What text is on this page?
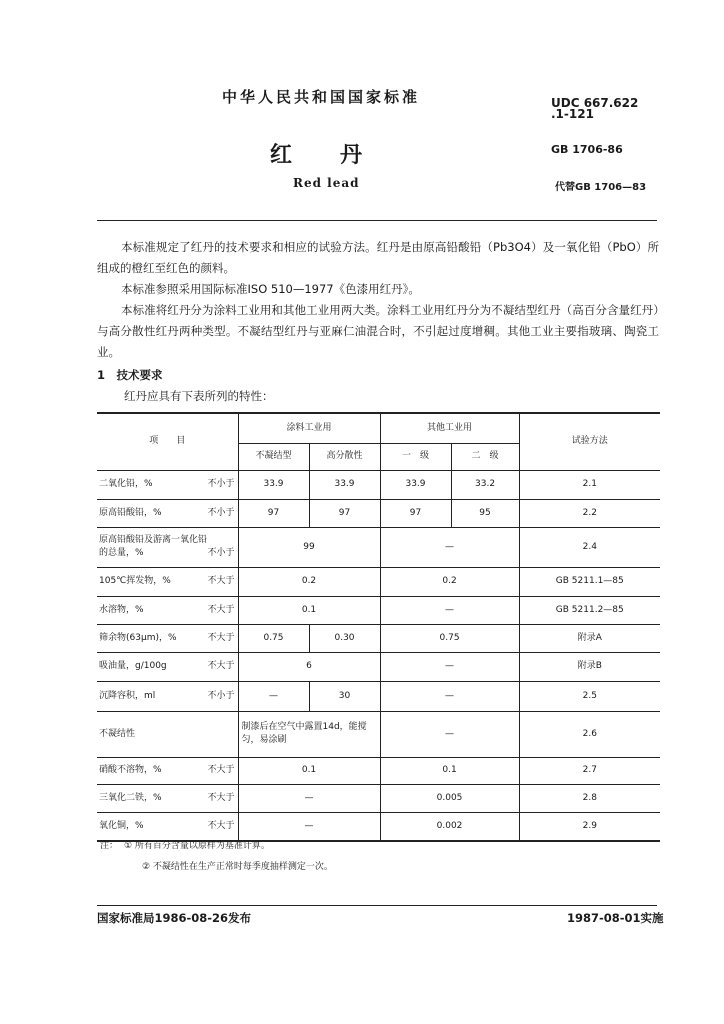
中华人民共和国国家标准
红丹
Red lead
UDC 667.622
.1-121
GB 1706-86
代替GB 1706—83
本标准规定了红丹的技术要求和相应的试验方法。红丹是由原高铅酸铅（Pb3O4）及一氧化铅（PbO）所组成的橙红至红色的颜料。
本标准参照采用国际标准ISO 510—1977《色漆用红丹》。
本标准将红丹分为涂料工业用和其他工业用两大类。涂料工业用红丹分为不凝结型红丹（高百分含量红丹）与高分散性红丹两种类型。不凝结型红丹与亚麻仁油混合时，不引起过度增稠。其他工业主要指玻璃、陶瓷工业。
1　技术要求
红丹应具有下表所列的特性：
项　　目	涂料工业用		其他工业用		试验方法
	不凝结型	高分散性	一　级	二　级	
二氧化铅，% 不小于	33.9	33.9	33.9	33.2	2.1
原高铅酸铅，% 不小于	97	97	97	95	2.2

原高铅酸铅及游离一氧化铅
的总量，% 不小于	99		—		2.4
105℃挥发物，% 不大于	0.2		0.2		GB 5211.1—85
水溶物，% 不大于	0.1		—		GB 5211.2—85
筛余物(63μm)，% 不大于	0.75	0.30	0.75		附录A
吸油量，g/100g 不大于	6		—		附录B
沉降容积，ml 不小于	—	30	—		2.5
不凝结性	制漆后在空气中露置14d，能搅匀，易涂刷		—		2.6
硝酸不溶物，% 不大于	0.1		0.1		2.7
三氧化二铁，% 不大于	—		0.005		2.8
氧化铜，% 不大于	—		0.002		2.9
注： ① 所有百分含量以原样为基准计算。
② 不凝结性在生产正常时每季度抽样测定一次。
国家标准局1986-08-26发布	1987-08-01实施
